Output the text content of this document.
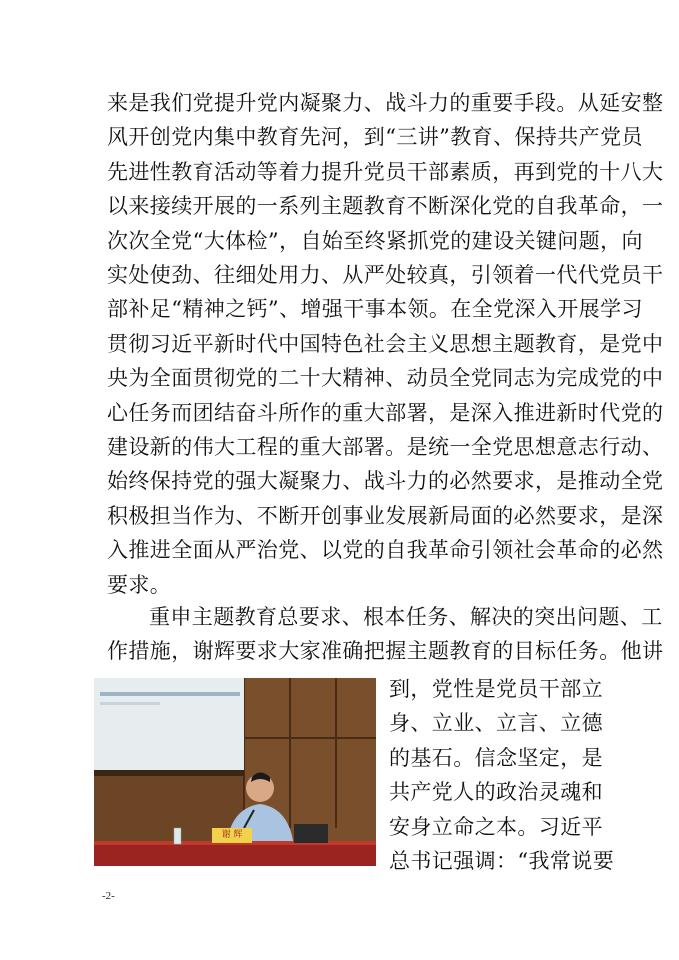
来是我们党提升党内凝聚力、战斗力的重要手段。从延安整
风开创党内集中教育先河，到“三讲”教育、保持共产党员
先进性教育活动等着力提升党员干部素质，再到党的十八大
以来接续开展的一系列主题教育不断深化党的自我革命，一
次次全党“大体检”，自始至终紧抓党的建设关键问题，向
实处使劲、往细处用力、从严处较真，引领着一代代党员干
部补足“精神之钙”、增强干事本领。在全党深入开展学习
贯彻习近平新时代中国特色社会主义思想主题教育，是党中
央为全面贯彻党的二十大精神、动员全党同志为完成党的中
心任务而团结奋斗所作的重大部署，是深入推进新时代党的
建设新的伟大工程的重大部署。是统一全党思想意志行动、
始终保持党的强大凝聚力、战斗力的必然要求，是推动全党
积极担当作为、不断开创事业发展新局面的必然要求，是深
入推进全面从严治党、以党的自我革命引领社会革命的必然
要求。
重申主题教育总要求、根本任务、解决的突出问题、工
作措施，谢辉要求大家准确把握主题教育的目标任务。他讲
谢 辉
到，党性是党员干部立
身、立业、立言、立德
的基石。信念坚定，是
共产党人的政治灵魂和
安身立命之本。习近平
总书记强调：“我常说要
-2-
